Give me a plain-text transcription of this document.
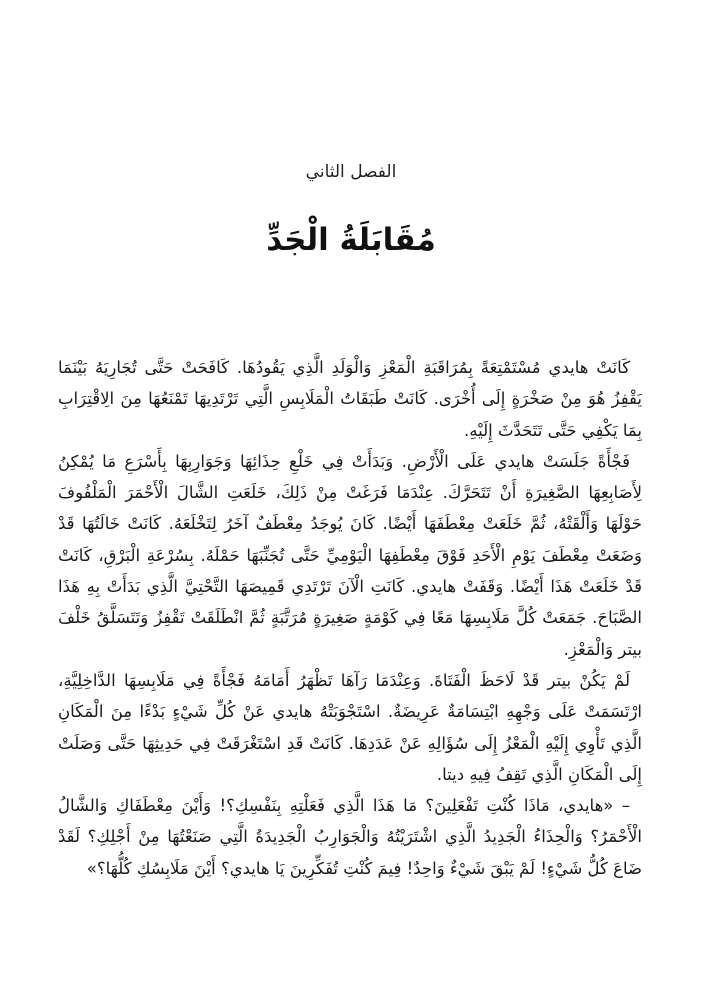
الفصل الثاني
مُقَابَلَةُ الْجَدِّ

كَانَتْ هايدي مُسْتَمْتِعَةً بِمُرَاقَبَةِ الْمَعْزِ وَالْوَلَدِ الَّذِي يَقُودُهَا. كَافَحَتْ حَتَّى تُجَارِيَهُ بَيْنَمَا يَقْفِزُ هُوَ مِنْ صَخْرَةٍ إِلَى أُخْرَى. كَانَتْ طَبَقَاتُ الْمَلَابِسِ الَّتِي تَرْتَدِيهَا تَمْنَعُهَا مِنَ الِاقْتِرَابِ بِمَا يَكْفِي حَتَّى تَتَحَدَّثَ إِلَيْهِ.

فَجْأَةً جَلَسَتْ هايدي عَلَى الْأَرْضِ. وَبَدَأَتْ فِي خَلْعِ حِذَائِهَا وَجَوَارِبِهَا بِأَسْرَعِ مَا يُمْكِنُ لِأَصَابِعِهَا الصَّغِيرَةِ أَنْ تَتَحَرَّكَ. عِنْدَمَا فَرَغَتْ مِنْ ذَلِكَ، خَلَعَتِ الشَّالَ الْأَحْمَرَ الْمَلْفُوفَ حَوْلَهَا وَأَلْقَتْهُ، ثُمَّ خَلَعَتْ مِعْطَفَهَا أَيْضًا. كَانَ يُوجَدُ مِعْطَفٌ آخَرُ لِتَخْلَعَهُ. كَانَتْ خَالَتُهَا قَدْ وَضَعَتْ مِعْطَفَ يَوْمِ الْأَحَدِ فَوْقَ مِعْطَفِهَا الْيَوْمِيِّ حَتَّى تُجَنِّبَهَا حَمْلَهُ. بِسُرْعَةِ الْبَرْقِ، كَانَتْ قَدْ خَلَعَتْ هَذَا أَيْضًا. وَقَفَتْ هايدي. كَانَتِ الْآنَ تَرْتَدِي قَمِيصَهَا التَّحْتِيَّ الَّذِي بَدَأَتْ بِهِ هَذَا الصَّبَاحَ. جَمَعَتْ كُلَّ مَلَابِسِهَا مَعًا فِي كَوْمَةٍ صَغِيرَةٍ مُرَتَّبَةٍ ثُمَّ انْطَلَقَتْ تَقْفِزُ وَتَتَسَلَّقُ خَلْفَ بيتر وَالْمَعْزِ.

لَمْ يَكُنْ بيتر قَدْ لَاحَظَ الْفَتَاةَ. وَعِنْدَمَا رَآهَا تَظْهَرُ أَمَامَهُ فَجْأَةً فِي مَلَابِسِهَا الدَّاخِلِيَّةِ، ارْتَسَمَتْ عَلَى وَجْهِهِ ابْتِسَامَةٌ عَرِيضَةٌ. اسْتَجْوَبَتْهُ هايدي عَنْ كُلِّ شَيْءٍ بَدْءًا مِنَ الْمَكَانِ الَّذِي تَأْوِي إِلَيْهِ الْمَعْزُ إِلَى سُؤَالِهِ عَنْ عَدَدِهَا. كَانَتْ قَدِ اسْتَغْرَقَتْ فِي حَدِيثِهَا حَتَّى وَصَلَتْ إِلَى الْمَكَانِ الَّذِي تَقِفُ فِيهِ ديتا.

– «هايدي، مَاذَا كُنْتِ تَفْعَلِينَ؟ مَا هَذَا الَّذِي فَعَلْتِهِ بِنَفْسِكِ؟! وَأَيْنَ مِعْطَفَاكِ وَالشَّالُ الْأَحْمَرُ؟ وَالْحِذَاءُ الْجَدِيدُ الَّذِي اشْتَرَيْتُهُ وَالْجَوَارِبُ الْجَدِيدَةُ الَّتِي صَنَعْتُهَا مِنْ أَجْلِكِ؟ لَقَدْ ضَاعَ كُلُّ شَيْءٍ! لَمْ يَبْقَ شَيْءٌ وَاحِدٌ! فِيمَ كُنْتِ تُفَكِّرِينَ يَا هايدي؟ أَيْنَ مَلَابِسُكِ كُلُّهَا؟»
